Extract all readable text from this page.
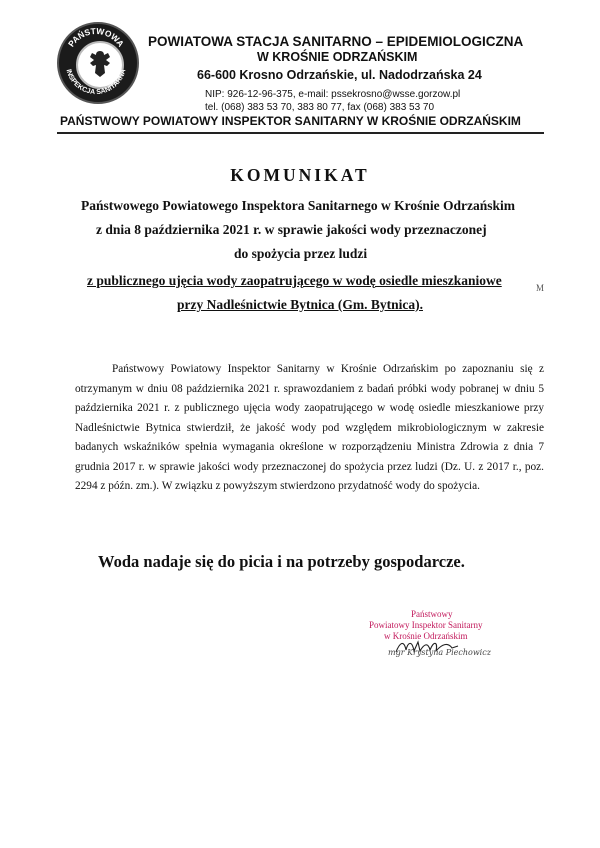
PAŃSTWOWA
INSPEKCJA SANITARNA
POWIATOWA STACJA SANITARNO – EPIDEMIOLOGICZNA
W KROŚNIE ODRZAŃSKIM
66-600 Krosno Odrzańskie, ul. Nadodrzańska 24
NIP: 926-12-96-375, e-mail: pssekrosno@wsse.gorzow.pl
tel. (068) 383 53 70, 383 80 77, fax (068) 383 53 70
PAŃSTWOWY POWIATOWY INSPEKTOR SANITARNY W KROŚNIE ODRZAŃSKIM
KOMUNIKAT
Państwowego Powiatowego Inspektora Sanitarnego w Krośnie Odrzańskim
z dnia 8 października 2021 r. w sprawie jakości wody przeznaczonej
do spożycia przez ludzi
z publicznego ujęcia wody zaopatrującego w wodę osiedle mieszkaniowe
przy Nadleśnictwie Bytnica (Gm. Bytnica).
M

Państwowy Powiatowy Inspektor Sanitarny w Krośnie Odrzańskim po zapoznaniu się z otrzymanym w dniu 08 października 2021 r. sprawozdaniem z badań próbki wody pobranej w dniu 5 października 2021 r. z publicznego ujęcia wody zaopatrującego w wodę osiedle mieszkaniowe przy Nadleśnictwie Bytnica stwierdził, że jakość wody pod względem mikrobiologicznym w zakresie badanych wskaźników spełnia wymagania określone w rozporządzeniu Ministra Zdrowia z dnia 7 grudnia 2017 r. w sprawie jakości wody przeznaczonej do spożycia przez ludzi (Dz. U. z 2017 r., poz. 2294 z późn. zm.). W związku z powyższym stwierdzono przydatność wody do spożycia.

Woda nadaje się do picia i na potrzeby gospodarcze.
Państwowy
Powiatowy Inspektor Sanitarny
w Krośnie Odrzańskim
mgr Krystyna Piechowicz
